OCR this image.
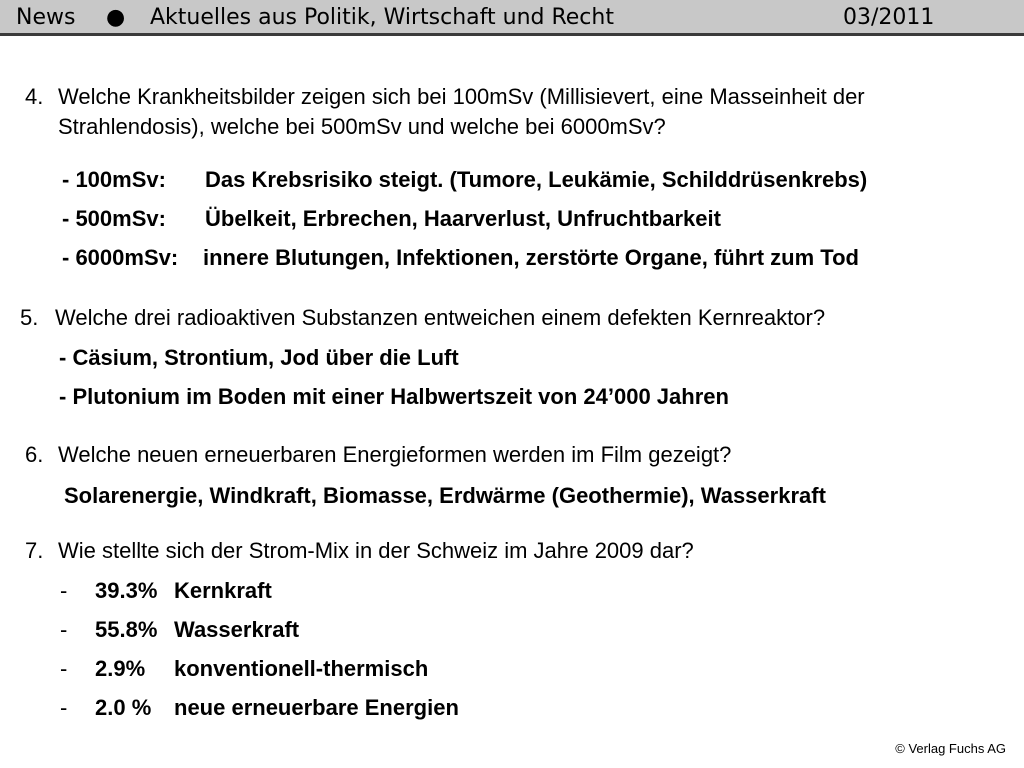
News ● Aktuelles aus Politik, Wirtschaft und Recht	03/2011
4. Welche Krankheitsbilder zeigen sich bei 100mSv (Millisievert, eine Masseinheit der
Strahlendosis), welche bei 500mSv und welche bei 6000mSv?
- 100mSv: Das Krebsrisiko steigt. (Tumore, Leukämie, Schilddrüsenkrebs)
- 500mSv: Übelkeit, Erbrechen, Haarverlust, Unfruchtbarkeit
- 6000mSv: innere Blutungen, Infektionen, zerstörte Organe, führt zum Tod
5. Welche drei radioaktiven Substanzen entweichen einem defekten Kernreaktor?
- Cäsium, Strontium, Jod über die Luft
- Plutonium im Boden mit einer Halbwertszeit von 24’000 Jahren
6. Welche neuen erneuerbaren Energieformen werden im Film gezeigt?
Solarenergie, Windkraft, Biomasse, Erdwärme (Geothermie), Wasserkraft
7. Wie stellte sich der Strom-Mix in der Schweiz im Jahre 2009 dar?
- 39.3% Kernkraft
- 55.8% Wasserkraft
- 2.9% konventionell-thermisch
- 2.0 % neue erneuerbare Energien
© Verlag Fuchs AG
